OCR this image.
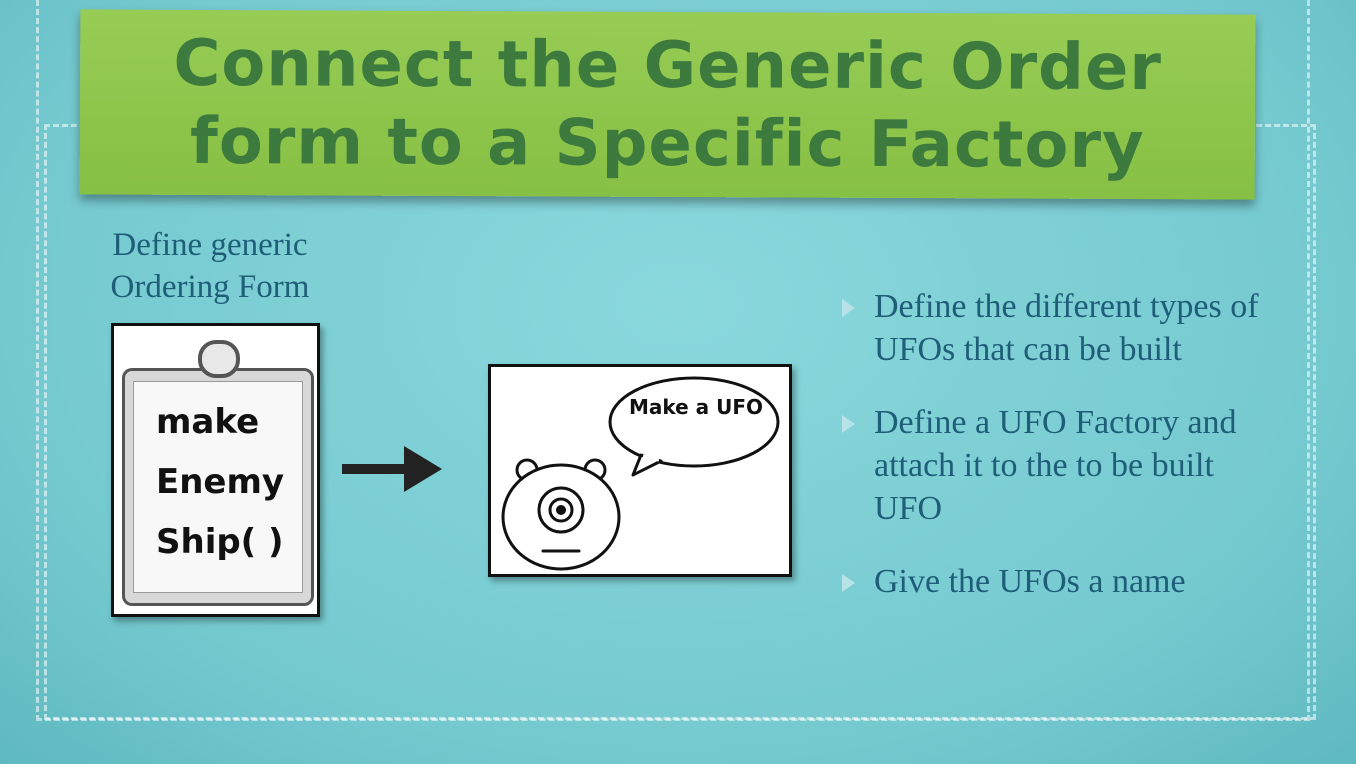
Connect the Generic Order form to a Specific Factory
Define generic Ordering Form
make
Enemy
Ship( )
Make a UFO
Define the different types of UFOs that can be built
Define a UFO Factory and attach it to the to be built UFO
Give the UFOs a name
